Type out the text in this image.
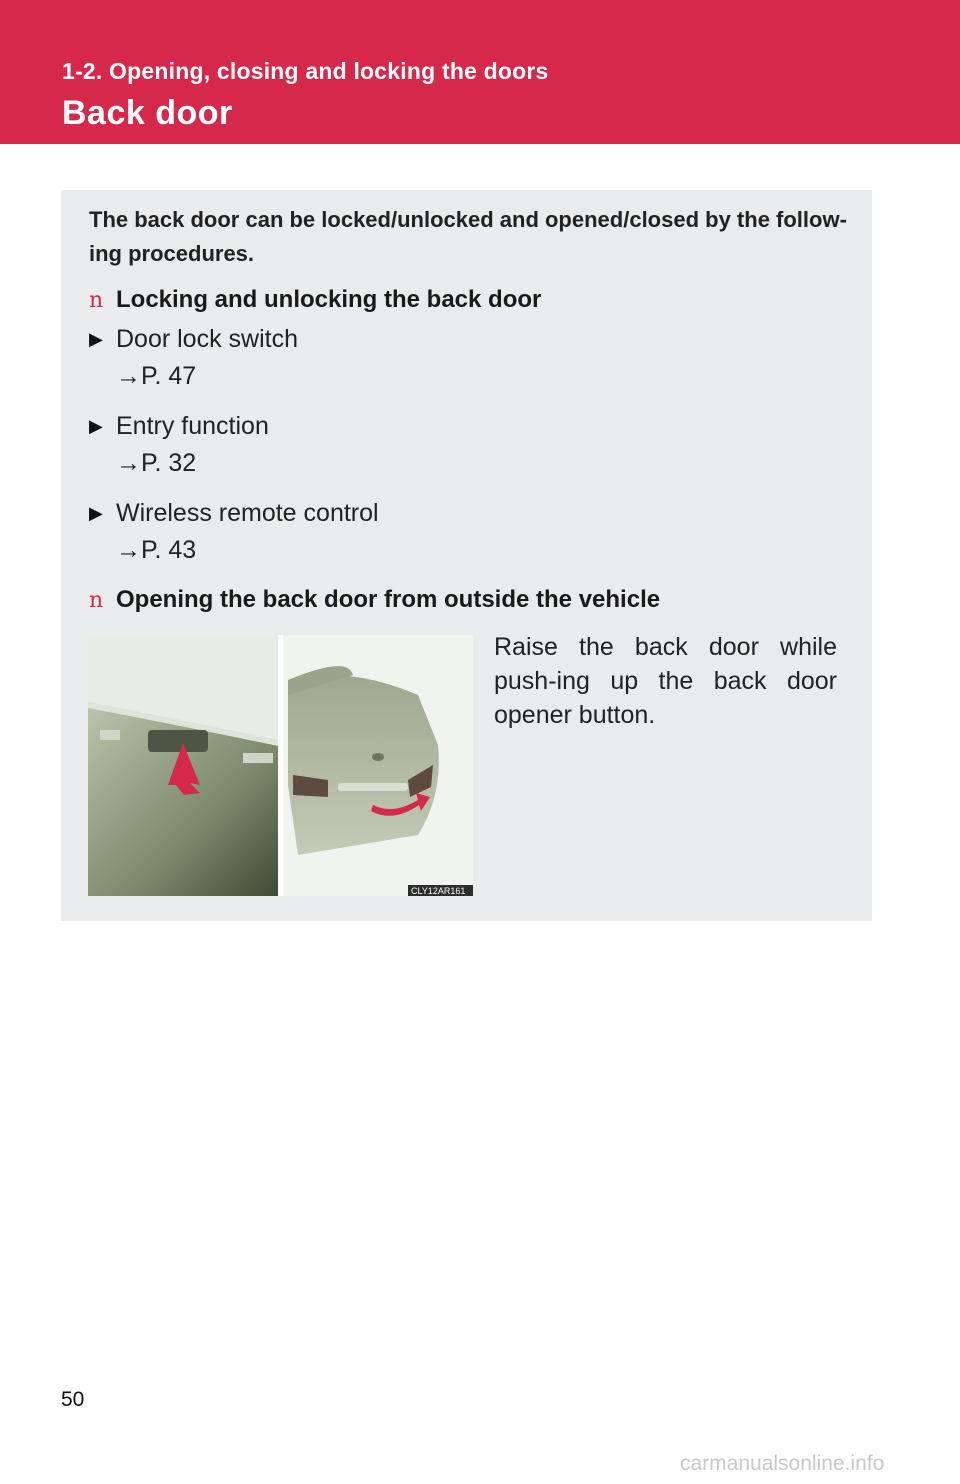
1-2. Opening, closing and locking the doors
Back door
The back door can be locked/unlocked and opened/closed by the follow-ing procedures.
n Locking and unlocking the back door
▶ Door lock switch
→P. 47
▶ Entry function
→P. 32
▶ Wireless remote control
→P. 43
n Opening the back door from outside the vehicle
CLY12AR161
Raise the back door while push-ing up the back door opener button.
50
carmanualsonline.info
